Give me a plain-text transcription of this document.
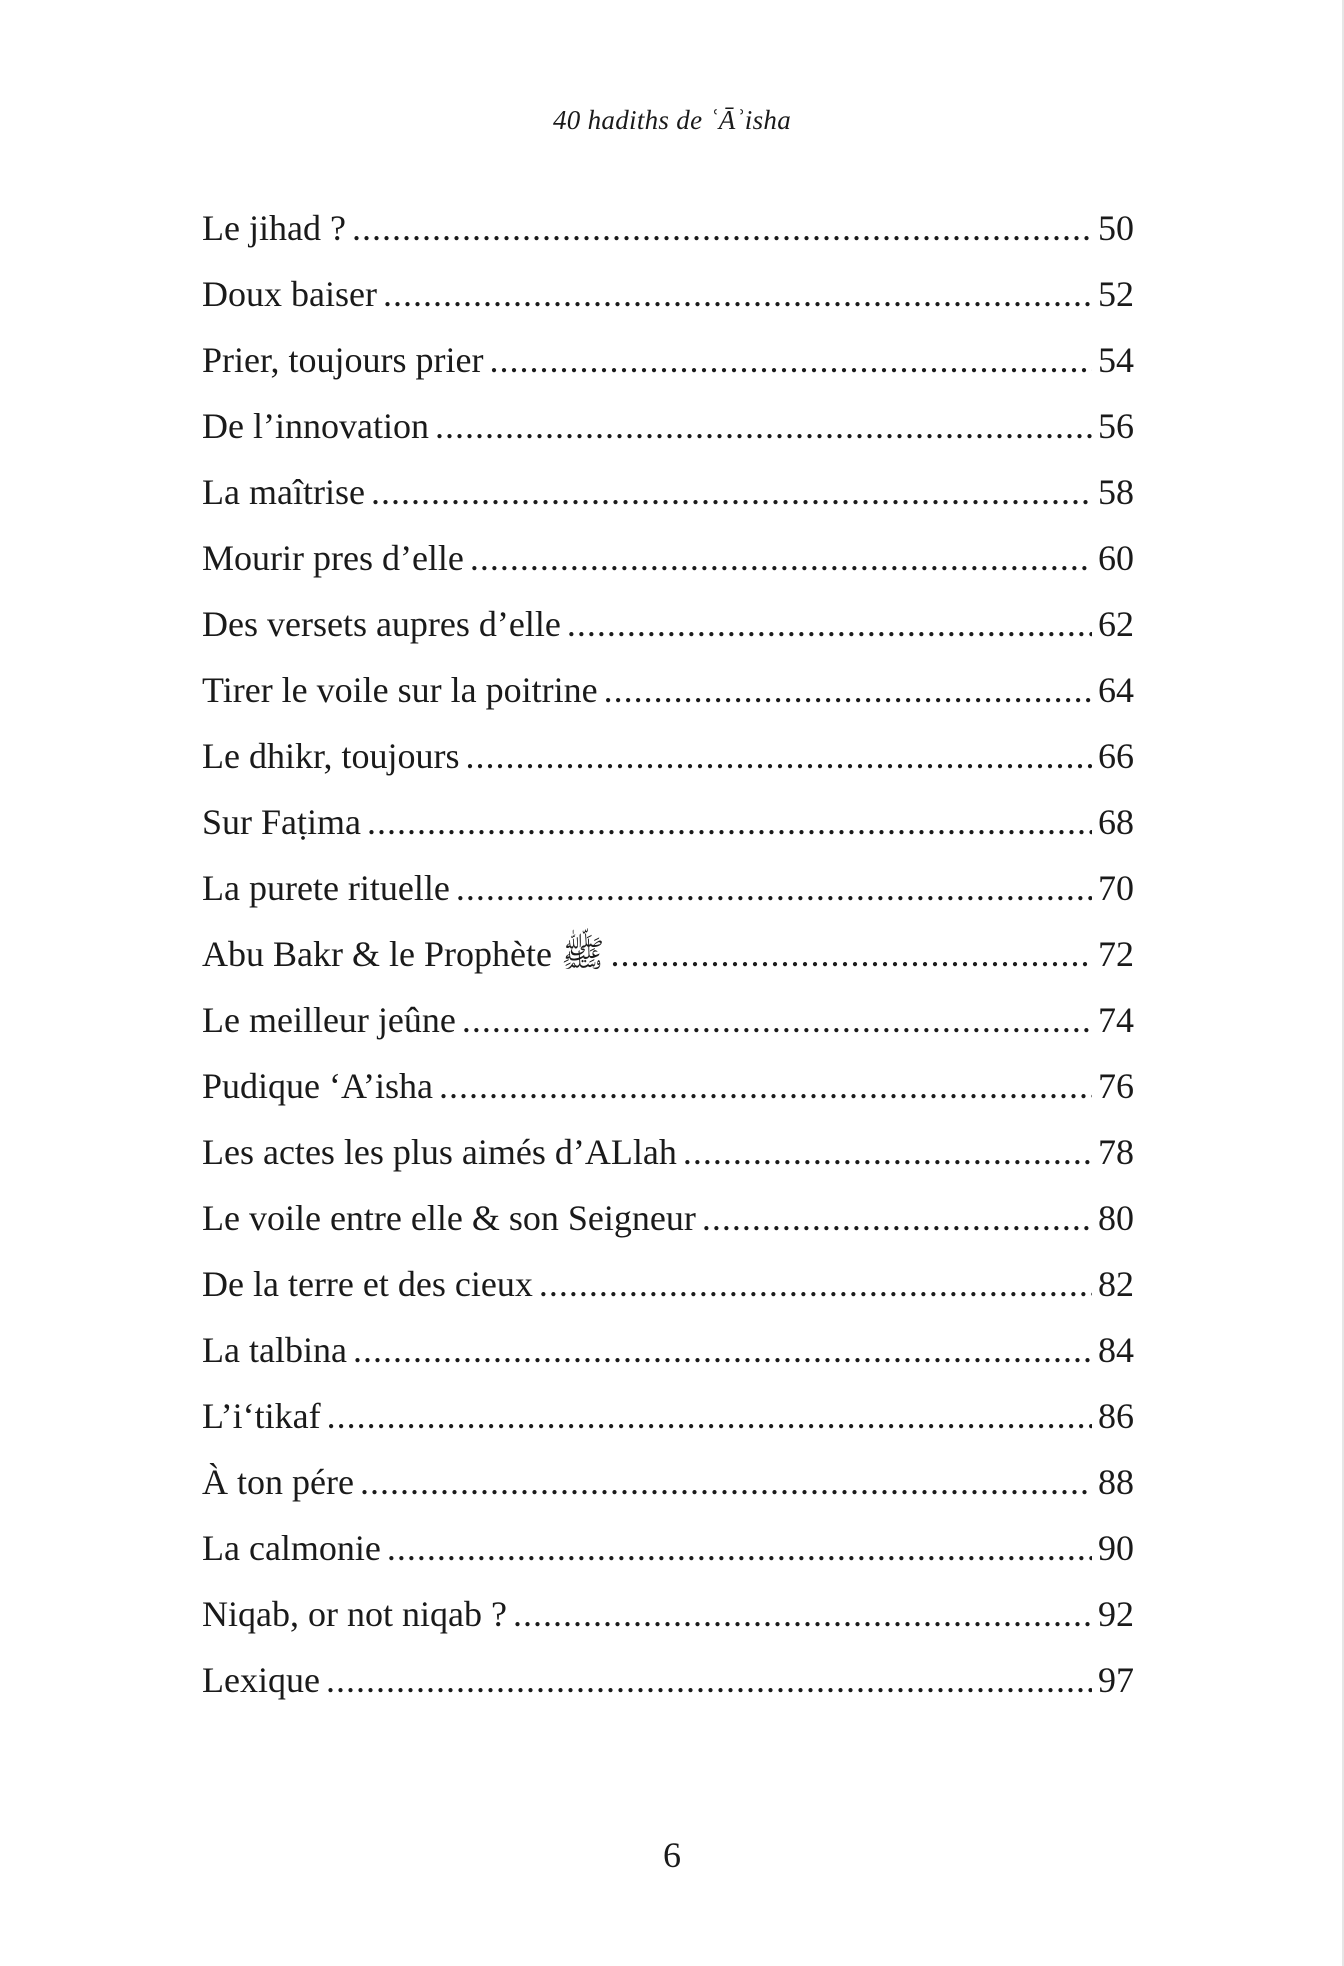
40 hadiths de ʿĀʾisha
Le jihad ? .....	50
Doux baiser .....	52
Prier, toujours prier .....	54
De l’innovation .....	56
La maîtrise .....	58
Mourir pres d’elle .....	60
Des versets aupres d’elle .....	62
Tirer le voile sur la poitrine .....	64
Le dhikr, toujours .....	66
Sur Faṭima .....	68
La purete rituelle .....	70
Abu Bakr & le Prophète ﷺ .....	72
Le meilleur jeûne .....	74
Pudique ‘A’isha .....	76
Les actes les plus aimés d’ALlah .....	78
Le voile entre elle & son Seigneur .....	80
De la terre et des cieux .....	82
La talbina .....	84
L’i‘tikaf .....	86
À ton pére .....	88
La calmonie .....	90
Niqab, or not niqab ? .....	92
Lexique .....	97
6
